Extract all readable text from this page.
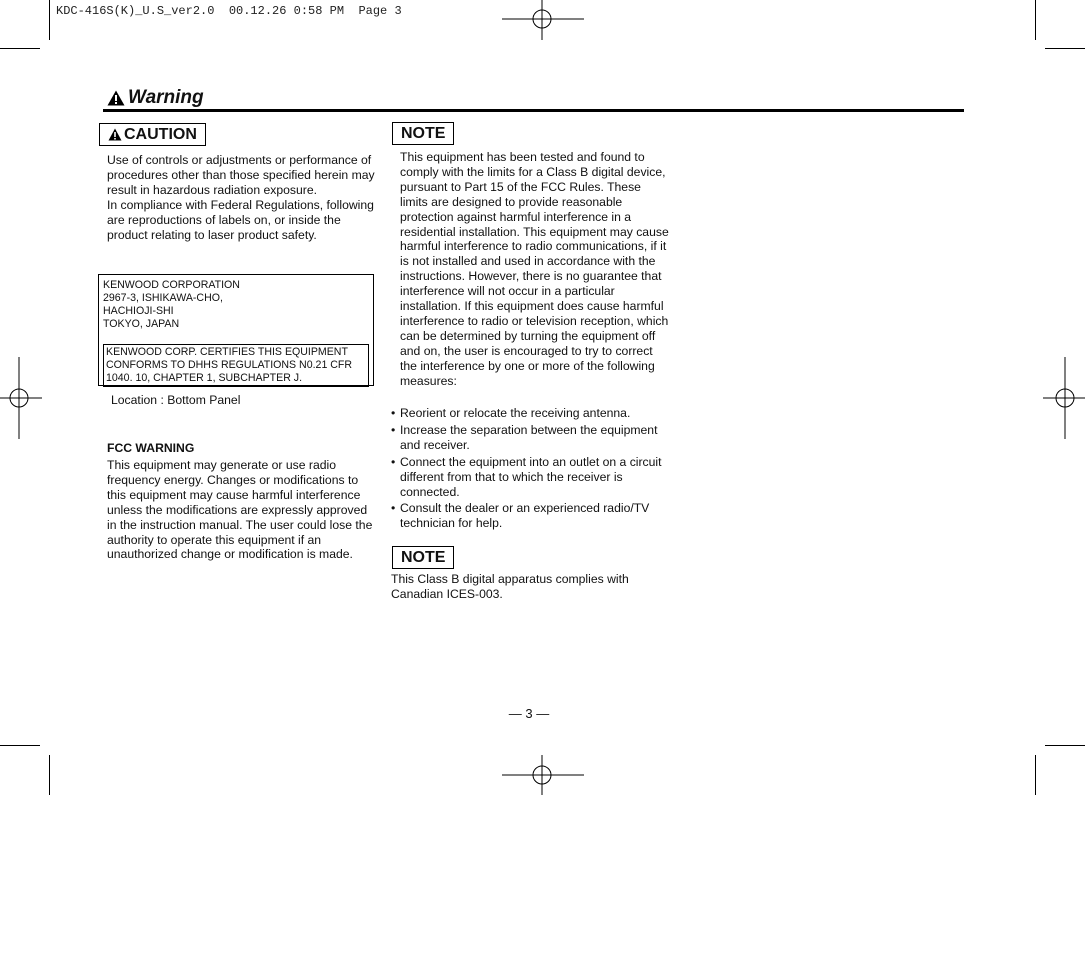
KDC-416S(K)_U.S_ver2.0  00.12.26 0:58 PM  Page 3
Warning
CAUTION

Use of controls or adjustments or performance of procedures other than those specified herein may result in hazardous radiation exposure.

In compliance with Federal Regulations, following are reproductions of labels on, or inside the product relating to laser product safety.

KENWOOD CORPORATION
2967-3, ISHIKAWA-CHO,
HACHIOJI-SHI
TOKYO, JAPAN
KENWOOD CORP. CERTIFIES THIS EQUIPMENT CONFORMS TO DHHS REGULATIONS N0.21 CFR 1040. 10, CHAPTER 1, SUBCHAPTER J.
Location : Bottom Panel
FCC WARNING
This equipment may generate or use radio frequency energy. Changes or modifications to this equipment may cause harmful interference unless the modifications are expressly approved in the instruction manual. The user could lose the authority to operate this equipment if an unauthorized change or modification is made.
NOTE
This equipment has been tested and found to comply with the limits for a Class B digital device, pursuant to Part 15 of the FCC Rules. These limits are designed to provide reasonable protection against harmful interference in a residential installation. This equipment may cause harmful interference to radio communications, if it is not installed and used in accordance with the instructions. However, there is no guarantee that interference will not occur in a particular installation. If this equipment does cause harmful interference to radio or television reception, which can be determined by turning the equipment off and on, the user is encouraged to try to correct the interference by one or more of the following measures:
• Reorient or relocate the receiving antenna.
• Increase the separation between the equipment and receiver.
• Connect the equipment into an outlet on a circuit different from that to which the receiver is connected.
• Consult the dealer or an experienced radio/TV technician for help.
NOTE
This Class B digital apparatus complies with Canadian ICES-003.
— 3 —
